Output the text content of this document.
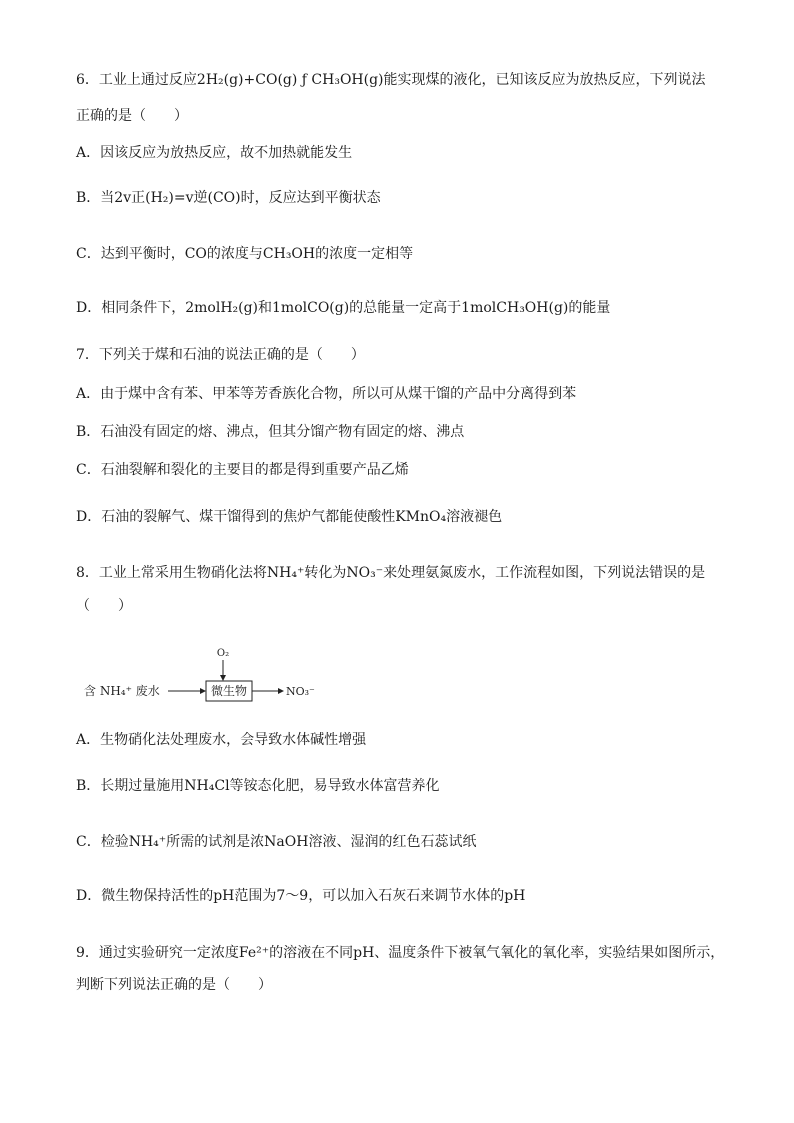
6．工业上通过反应2H₂(g)+CO(g) ƒ CH₃OH(g)能实现煤的液化，已知该反应为放热反应，下列说法
正确的是（　　）
A．因该反应为放热反应，故不加热就能发生
B．当2v正(H₂)=v逆(CO)时，反应达到平衡状态
C．达到平衡时，CO的浓度与CH₃OH的浓度一定相等
D．相同条件下，2molH₂(g)和1molCO(g)的总能量一定高于1molCH₃OH(g)的能量
7．下列关于煤和石油的说法正确的是（　　）
A．由于煤中含有苯、甲苯等芳香族化合物，所以可从煤干馏的产品中分离得到苯
B．石油没有固定的熔、沸点，但其分馏产物有固定的熔、沸点
C．石油裂解和裂化的主要目的都是得到重要产品乙烯
D．石油的裂解气、煤干馏得到的焦炉气都能使酸性KMnO₄溶液褪色
8．工业上常采用生物硝化法将NH₄⁺转化为NO₃⁻来处理氨氮废水，工作流程如图，下列说法错误的是
（　　）
含 NH₄⁺ 废水	微生物
O₂
NO₃⁻
A．生物硝化法处理废水，会导致水体碱性增强
B．长期过量施用NH₄Cl等铵态化肥，易导致水体富营养化
C．检验NH₄⁺所需的试剂是浓NaOH溶液、湿润的红色石蕊试纸
D．微生物保持活性的pH范围为7～9，可以加入石灰石来调节水体的pH
9．通过实验研究一定浓度Fe²⁺的溶液在不同pH、温度条件下被氧气氧化的氧化率，实验结果如图所示，
判断下列说法正确的是（　　）
